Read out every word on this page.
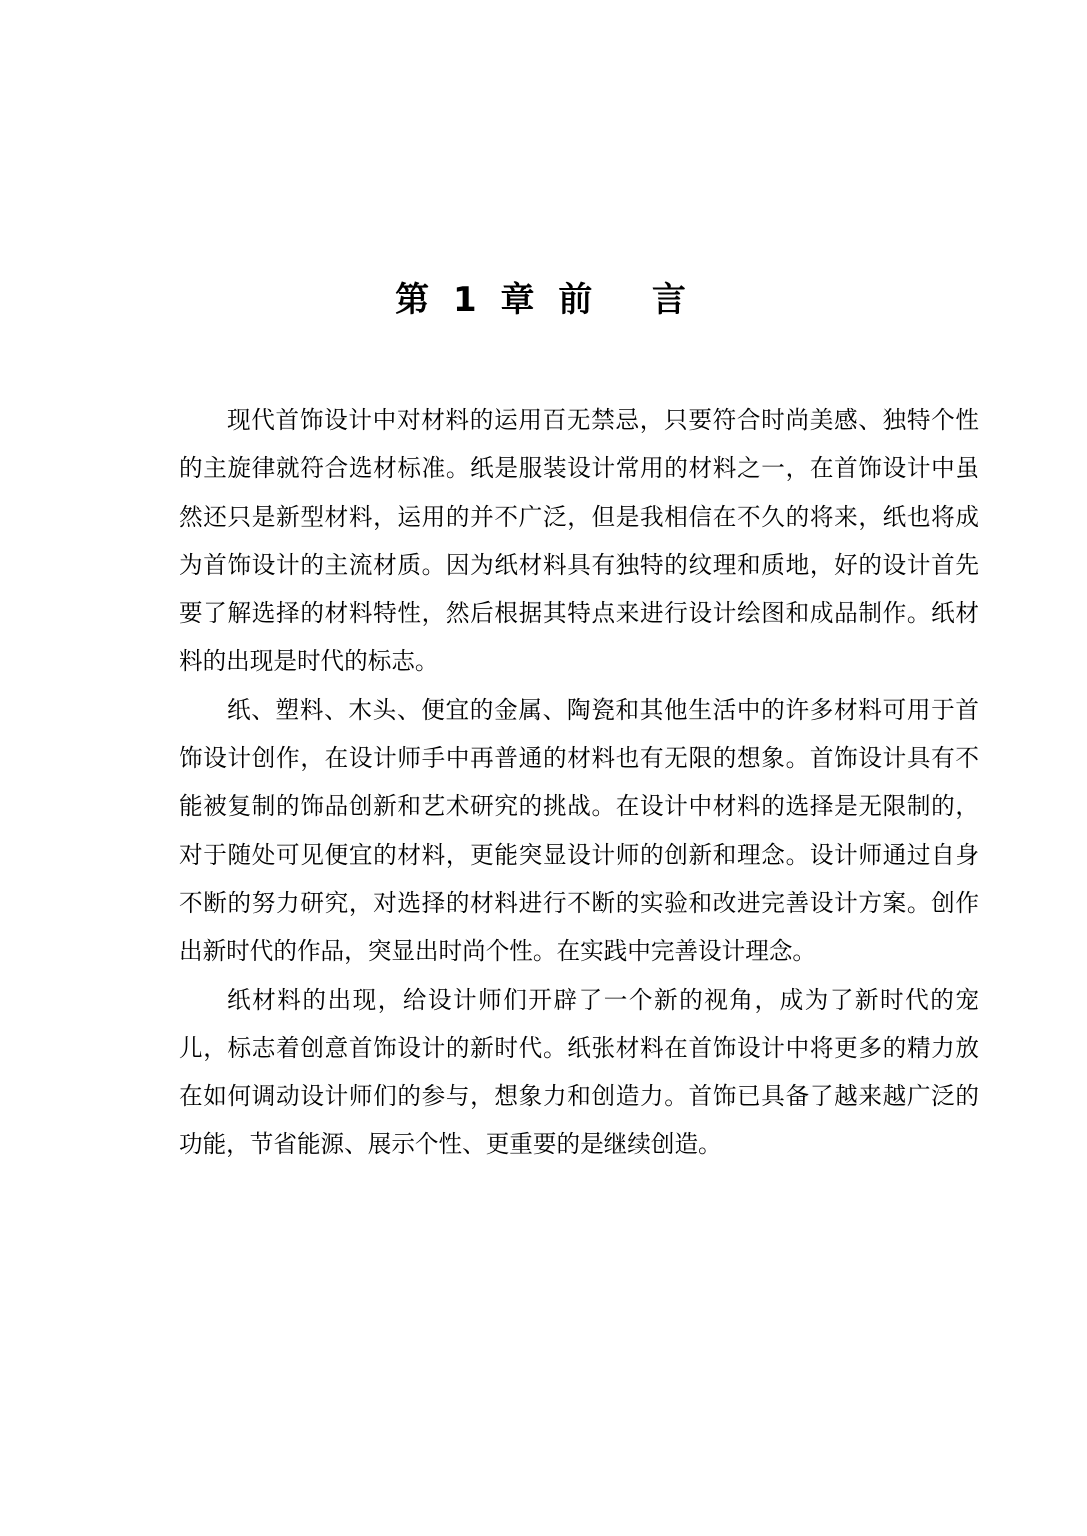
第 1 章 前   言

现代首饰设计中对材料的运用百无禁忌，只要符合时尚美感、独特个性的主旋律就符合选材标准。纸是服装设计常用的材料之一，在首饰设计中虽然还只是新型材料，运用的并不广泛，但是我相信在不久的将来，纸也将成为首饰设计的主流材质。因为纸材料具有独特的纹理和质地，好的设计首先要了解选择的材料特性，然后根据其特点来进行设计绘图和成品制作。纸材料的出现是时代的标志。

纸、塑料、木头、便宜的金属、陶瓷和其他生活中的许多材料可用于首饰设计创作，在设计师手中再普通的材料也有无限的想象。首饰设计具有不能被复制的饰品创新和艺术研究的挑战。在设计中材料的选择是无限制的，对于随处可见便宜的材料，更能突显设计师的创新和理念。设计师通过自身不断的努力研究，对选择的材料进行不断的实验和改进完善设计方案。创作出新时代的作品，突显出时尚个性。在实践中完善设计理念。

纸材料的出现，给设计师们开辟了一个新的视角，成为了新时代的宠儿，标志着创意首饰设计的新时代。纸张材料在首饰设计中将更多的精力放在如何调动设计师们的参与，想象力和创造力。首饰已具备了越来越广泛的功能，节省能源、展示个性、更重要的是继续创造。
